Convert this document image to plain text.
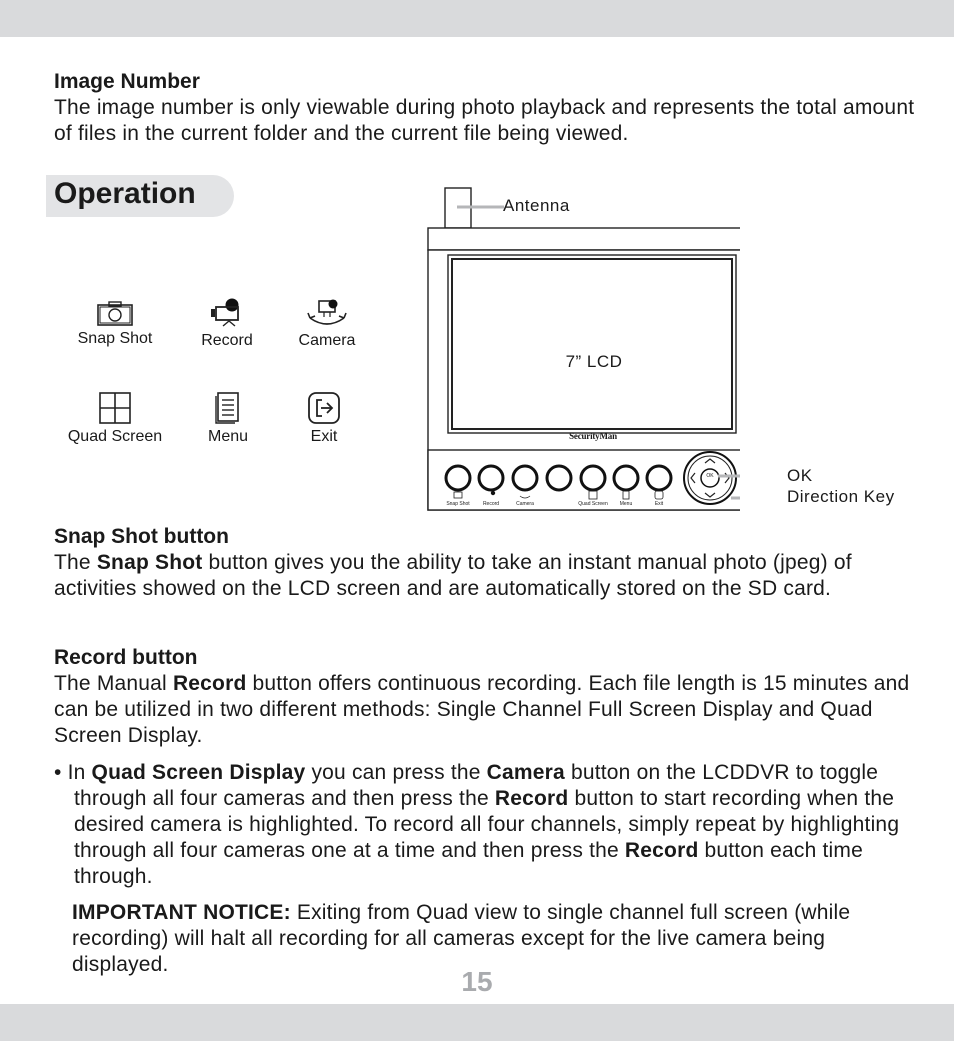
Image Number

The image number is only viewable during photo playback and represents the total amount of files in the current folder and the current file being viewed.

Operation
Snap Shot	Record	Camera
Quad Screen	Menu	Exit
Antenna
7” LCD
SecurityMan
OK	OK
Direction Key
Snap Shot	Record	Camera	Quad Screen	Menu	Exit
Snap Shot button

The Snap Shot button gives you the ability to take an instant manual photo (jpeg) of activities showed on the LCD screen and are automatically stored on the SD card.

Record button

The Manual Record button offers continuous recording. Each file length is 15 minutes and can be utilized in two different methods: Single Channel Full Screen Display and Quad Screen Display.

• In Quad Screen Display you can press the Camera button on the LCDDVR to toggle through all four cameras and then press the Record button to start recording when the desired camera is highlighted. To record all four channels, simply repeat by highlighting through all four cameras one at a time and then press the Record button each time through.

IMPORTANT NOTICE: Exiting from Quad view to single channel full screen (while recording) will halt all recording for all cameras except for the live camera being displayed.

15
